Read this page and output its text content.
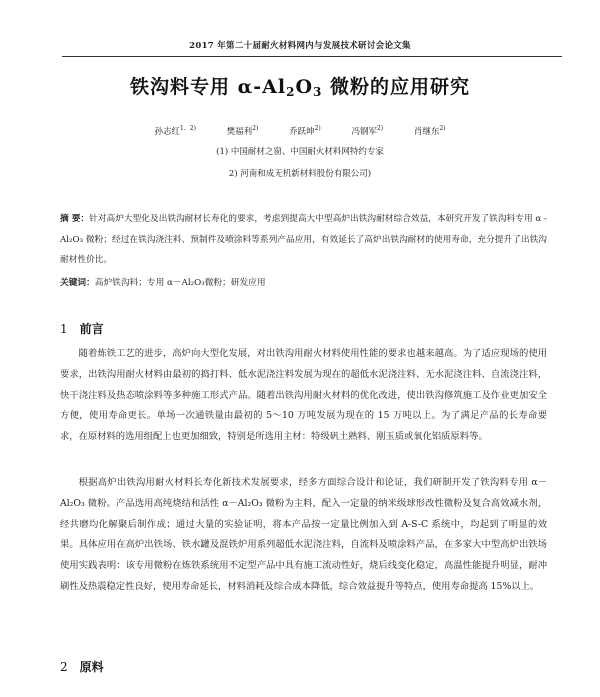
2017 年第二十届耐火材料网内与发展技术研讨会论文集
铁沟料专用 $\alpha-Al_2O_3$ 微粉的应用研究
孙志红$^{1、2)}$	樊福利$^{2)}$	乔跃坤$^{2)}$	冯钢军$^{2)}$	肖继东$^{2)}$
(1) 中国耐材之窗、中国耐火材料网特约专家
2) 河南和成无机新材料股份有限公司)
摘 要：针对高炉大型化及出铁沟耐材长寿化的要求，考虑到提高大中型高炉出铁沟耐材综合效益，本研究开发了铁沟料专用 α - Al₂O₃ 微粉；经过在铁沟浇注料、预制件及喷涂料等系列产品应用，有效延长了高炉出铁沟耐材的使用寿命，充分提升了出铁沟耐材性价比。
关键词：高炉铁沟料；专用 α－Al₂O₃微粉；研发应用
1 前言
随着炼铁工艺的进步，高炉向大型化发展，对出铁沟用耐火材料使用性能的要求也越来越高。为了适应现场的使用要求，出铁沟用耐火材料由最初的捣打料、低水泥浇注料发展为现在的超低水泥浇注料、无水泥浇注料、自流浇注料，快干浇注料及热态喷涂料等多种施工形式产品。随着出铁沟用耐火材料的优化改进，使出铁沟修筑施工及作业更加安全方便，使用寿命更长。单场一次通铁量由最初的 5～10 万吨发展为现在的 15 万吨以上。为了满足产品的长寿命要求，在原材料的选用组配上也更加细致，特别是所选用主材：特级矾土熟料、刚玉质或氧化铝质原料等。
根据高炉出铁沟用耐火材料长寿化新技术发展要求，经多方面综合设计和论证，我们研制开发了铁沟料专用 α－Al₂O₃ 微粉。产品选用高纯烧结和活性 α－Al₂O₃ 微粉为主料，配入一定量的纳米级球形改性微粉及复合高效减水剂，经共磨均化解聚后制作成；通过大量的实验证明，将本产品按一定量比例加入到 A-S-C 系统中，均起到了明显的效果。具体应用在高炉出铁场、铁水罐及混铁炉用系列超低水泥浇注料，自流料及喷涂料产品，在多家大中型高炉出铁场使用实践表明：该专用微粉在炼铁系统用不定型产品中具有施工流动性好，烧后线变化稳定，高温性能提升明显，耐冲刷性及热震稳定性良好，使用寿命延长，材料消耗及综合成本降低，综合效益提升等特点，使用寿命提高 15%以上。
2 原料
